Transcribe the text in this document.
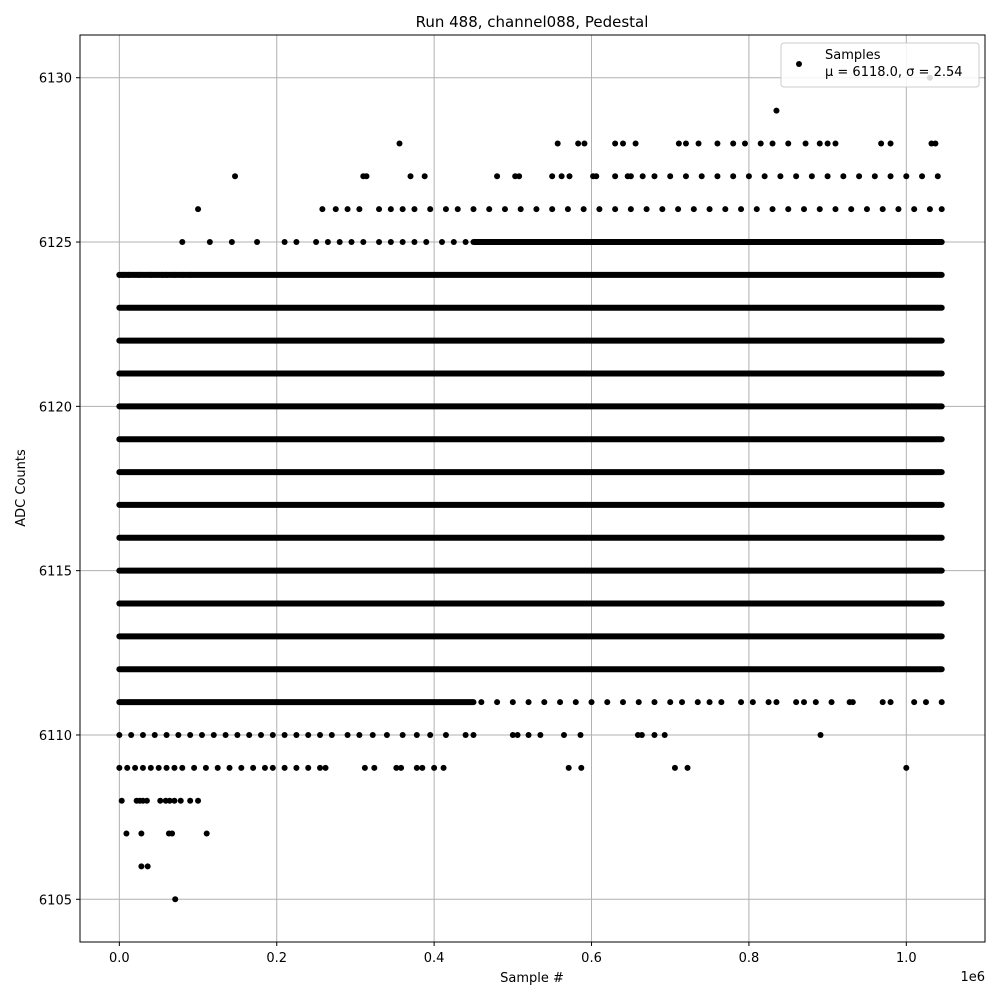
Run 488, channel088, Pedestal
0.0	0.2	0.4	0.6	0.8	1.0
6105
6110
6115
6120
6125
6130
Sample #	1e6
ADC Counts
Samples
μ = 6118.0, σ = 2.54
